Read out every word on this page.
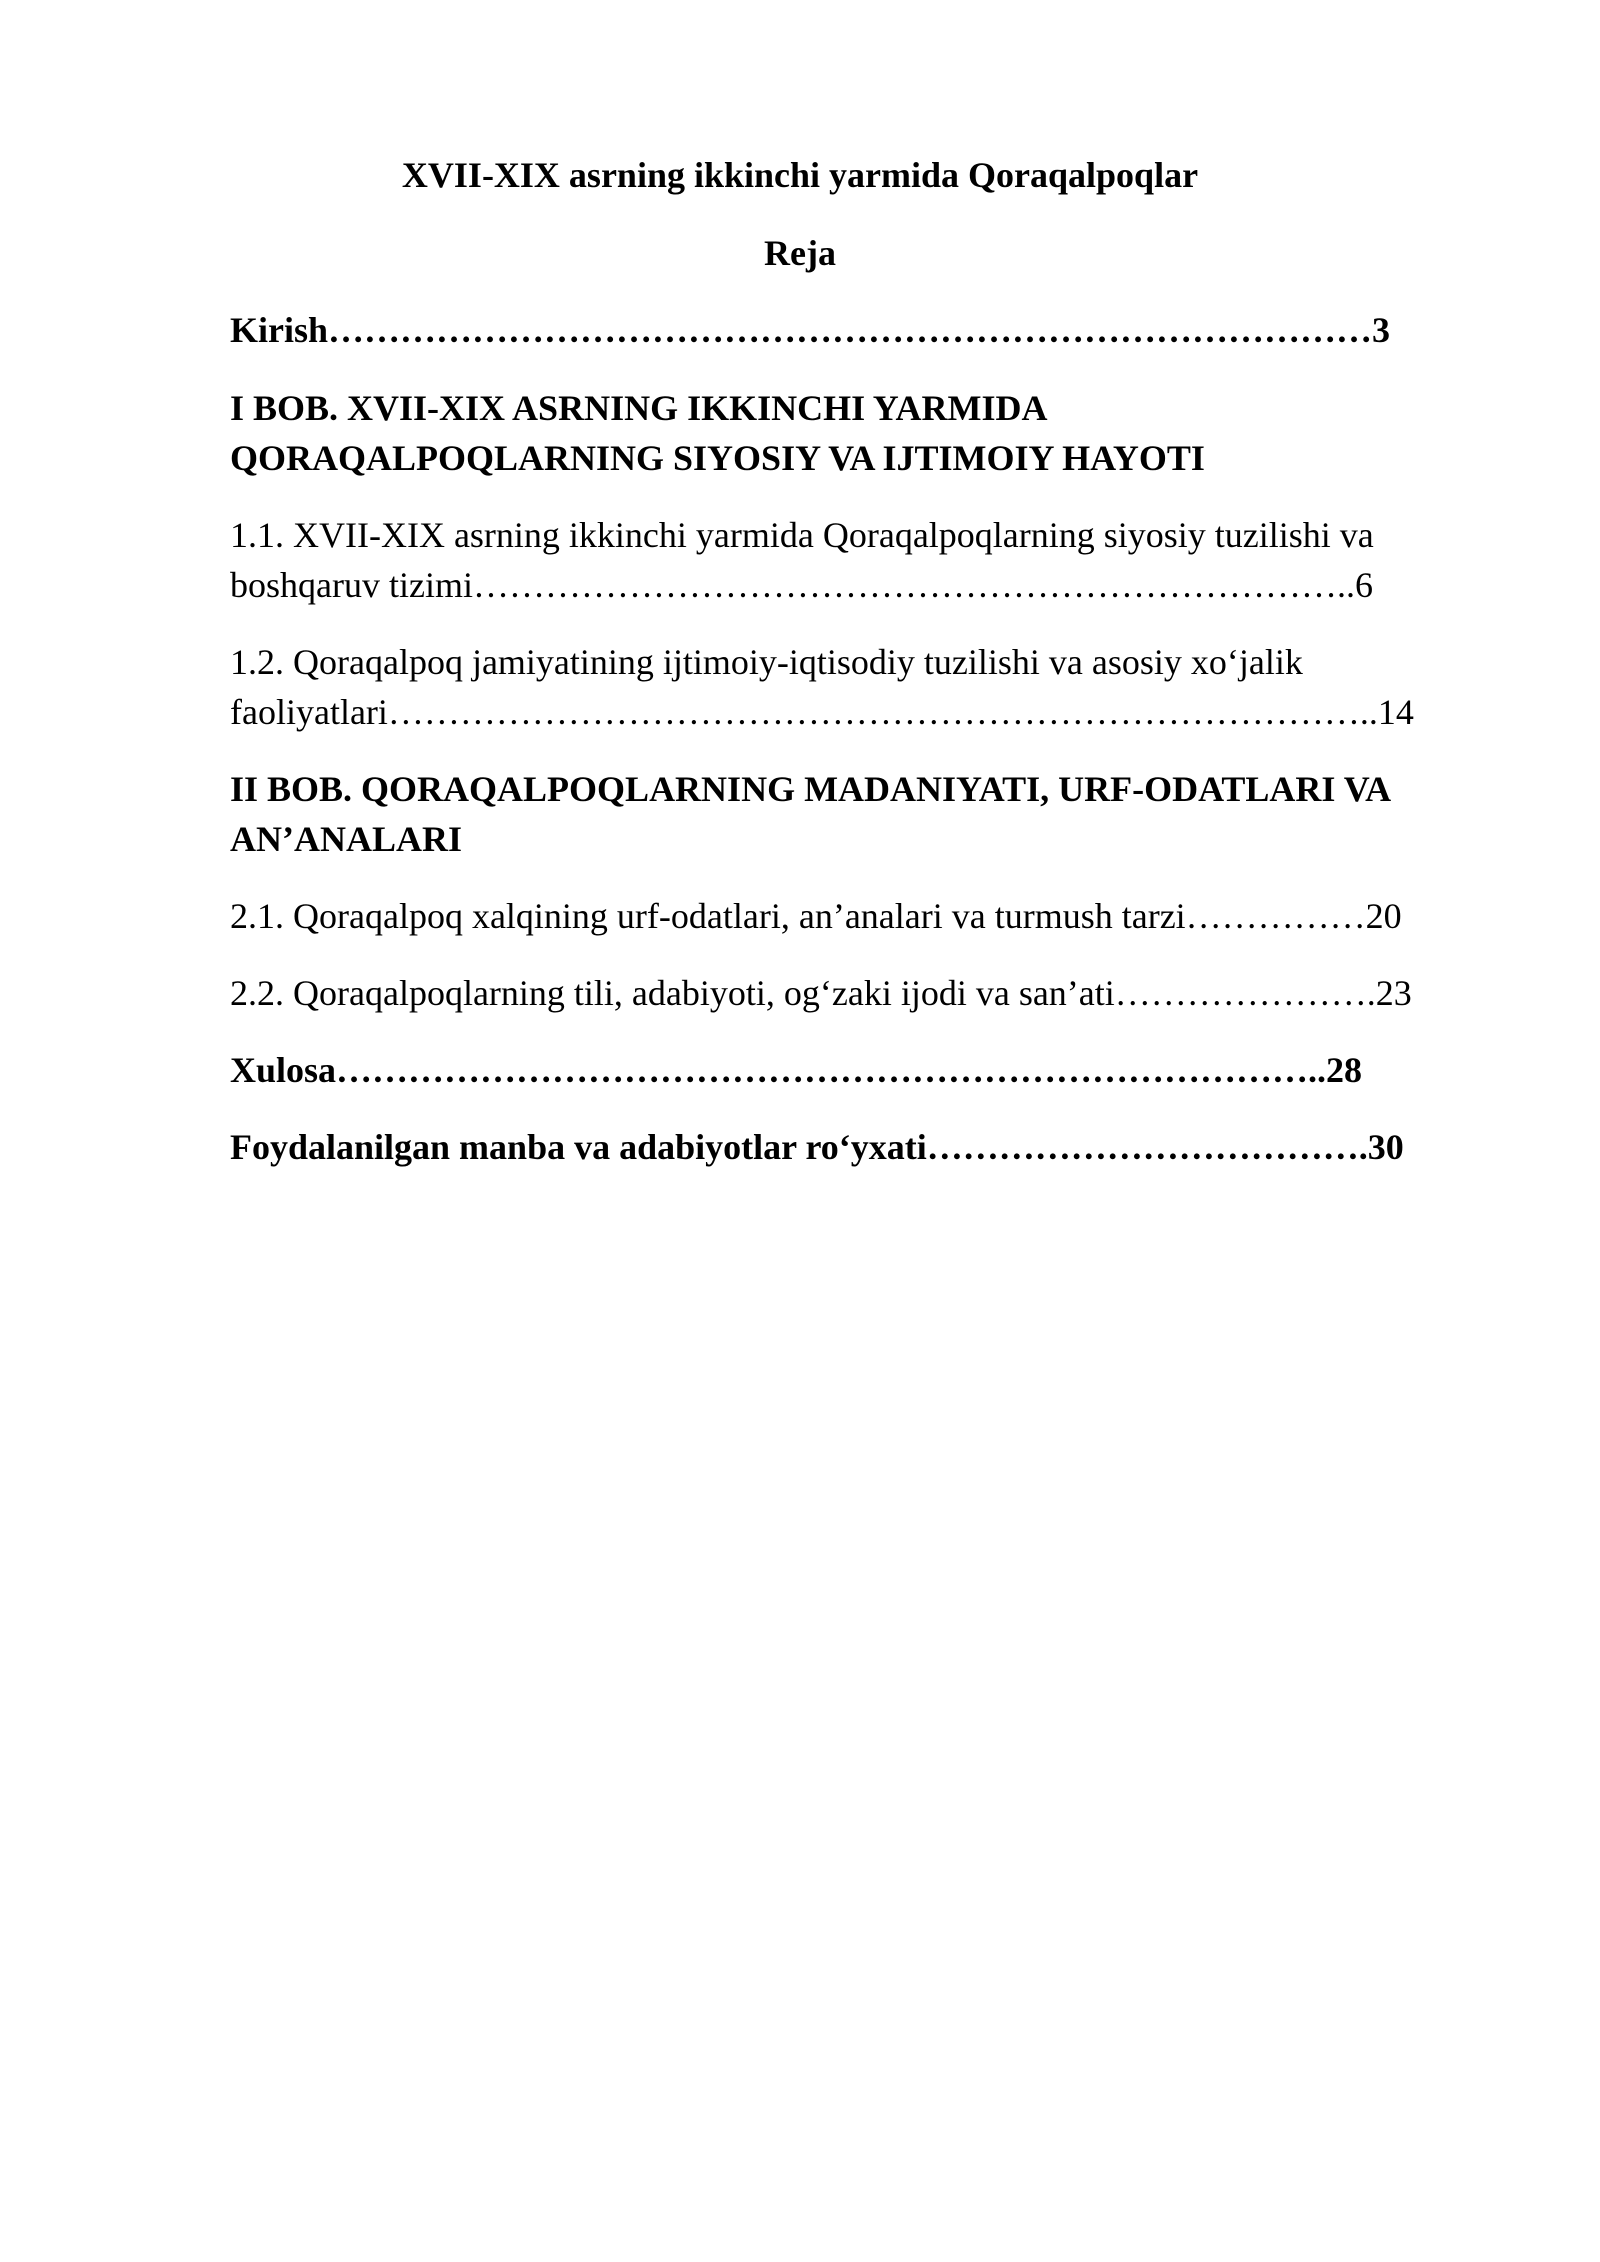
XVII-XIX asrning ikkinchi yarmida Qoraqalpoqlar

Reja

Kirish……………………………………………………………………………3

I BOB. XVII-XIX ASRNING IKKINCHI YARMIDA

QORAQALPOQLARNING SIYOSIY VA IJTIMOIY HAYOTI

1.1. XVII-XIX asrning ikkinchi yarmida Qoraqalpoqlarning siyosiy tuzilishi va

boshqaruv tizimi………………………………………………………………..6

1.2. Qoraqalpoq jamiyatining ijtimoiy-iqtisodiy tuzilishi va asosiy xo‘jalik

faoliyatlari………………………………………………………………………..14

II BOB. QORAQALPOQLARNING MADANIYATI, URF-ODATLARI VA

AN’ANALARI

2.1. Qoraqalpoq xalqining urf-odatlari, an’analari va turmush tarzi……………20

2.2. Qoraqalpoqlarning tili, adabiyoti, og‘zaki ijodi va san’ati………………….23

Xulosa………………………………………………………………………..28

Foydalanilgan manba va adabiyotlar ro‘yxati……………………………….30
